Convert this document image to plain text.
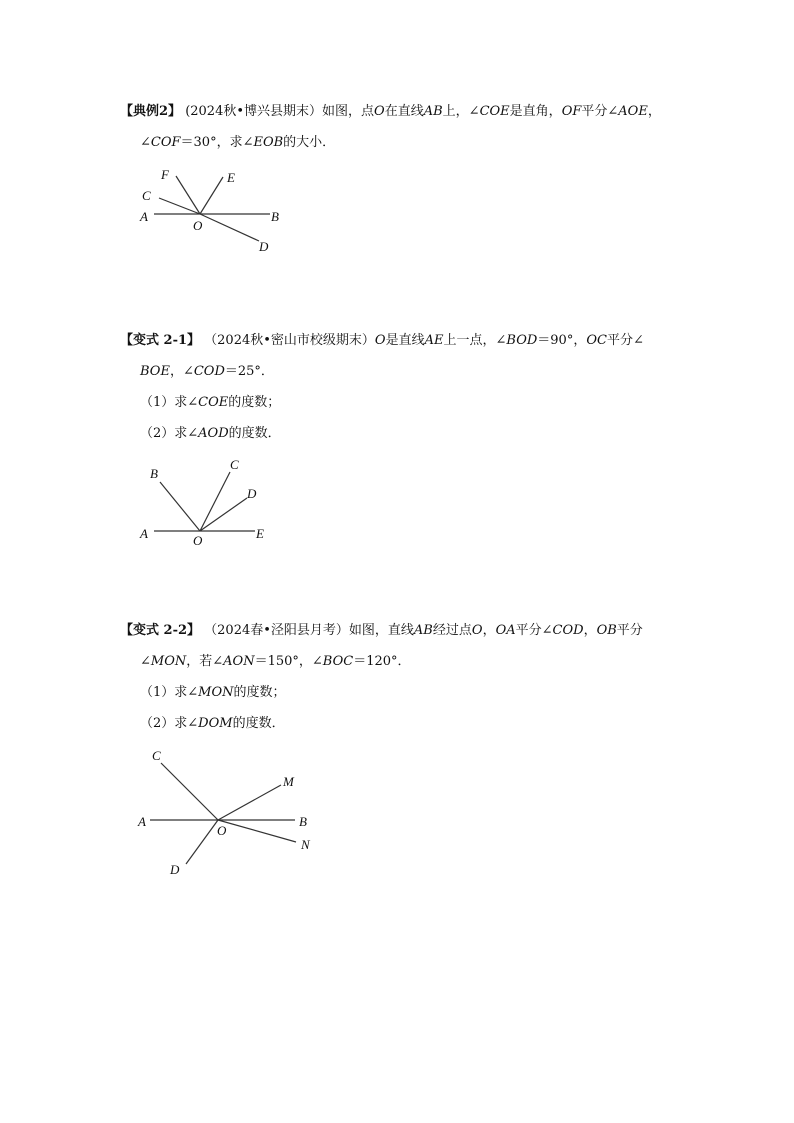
【典例2】 (2024秋•博兴县期末）如图，点O在直线AB上，∠COE是直角，OF平分∠AOE，
∠COF＝30°，求∠EOB的大小．
F	E
C
A
O
B
D
【变式 2-1】 （2024秋•密山市校级期末）O是直线AE上一点，∠BOD＝90°，OC平分∠
BOE，∠COD＝25°．
（1）求∠COE的度数；
（2）求∠AOD的度数．
B
C
D
A	O	E
【变式 2-2】 （2024春•泾阳县月考）如图，直线AB经过点O，OA平分∠COD，OB平分
∠MON，若∠AON＝150°，∠BOC＝120°．
（1）求∠MON的度数；
（2）求∠DOM的度数．
C
M
A
O
B
N
D
